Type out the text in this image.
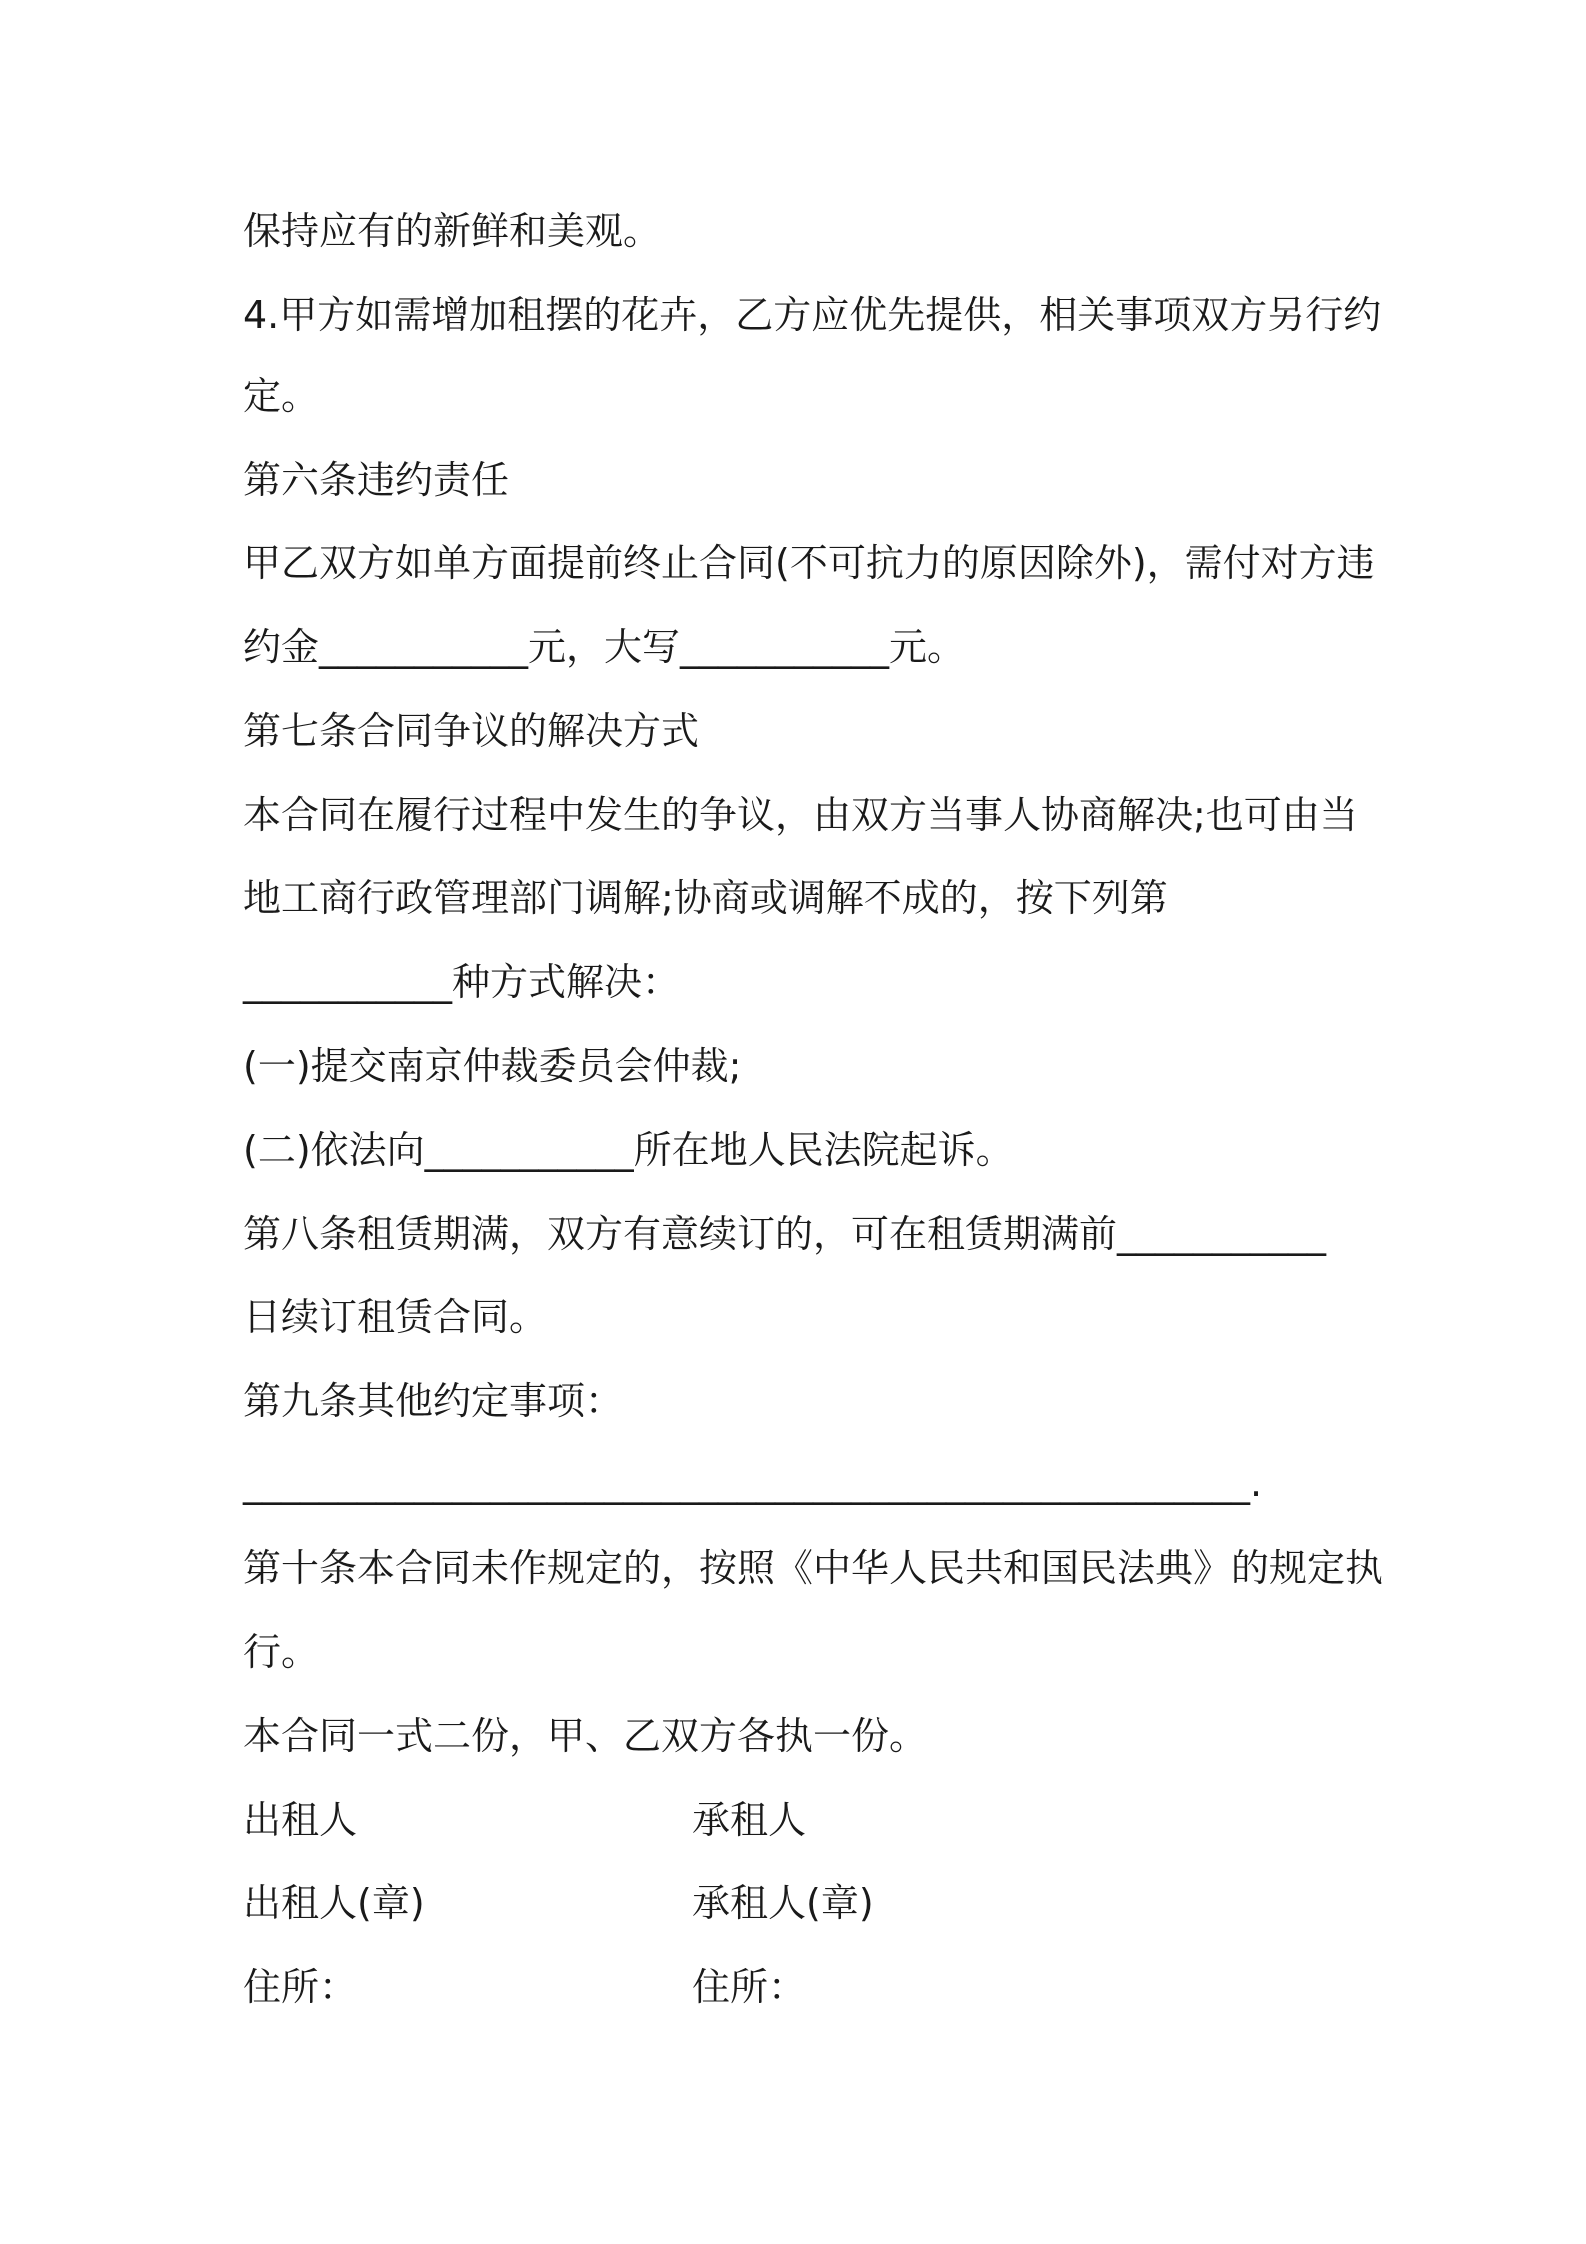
保持应有的新鲜和美观。
4.甲方如需增加租摆的花卉，乙方应优先提供，相关事项双方另行约
定。
第六条违约责任
甲乙双方如单方面提前终止合同(不可抗力的原因除外)，需付对方违
约金___________元，大写___________元。
第七条合同争议的解决方式
本合同在履行过程中发生的争议，由双方当事人协商解决;也可由当
地工商行政管理部门调解;协商或调解不成的，按下列第
___________种方式解决：
(一)提交南京仲裁委员会仲裁;
(二)依法向___________所在地人民法院起诉。
第八条租赁期满，双方有意续订的，可在租赁期满前___________
日续订租赁合同。
第九条其他约定事项：
_____________________________________________________.
第十条本合同未作规定的，按照《中华人民共和国民法典》的规定执
行。
本合同一式二份，甲、乙双方各执一份。
出租人	承租人
出租人(章)	承租人(章)
住所：	住所：
